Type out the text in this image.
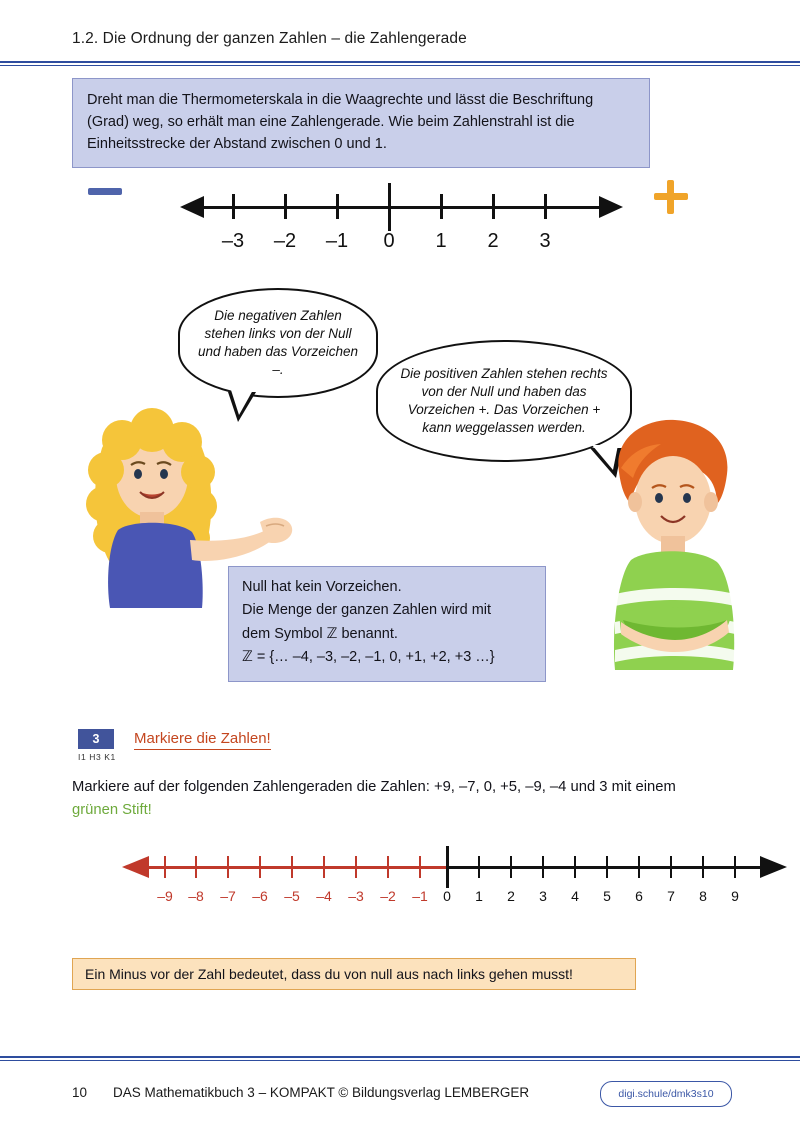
1.2. Die Ordnung der ganzen Zahlen – die Zahlengerade
Dreht man die Thermometerskala in die Waagrechte und lässt die Beschriftung (Grad) weg, so erhält man eine Zahlengerade. Wie beim Zahlenstrahl ist die Einheitsstrecke der Abstand zwischen 0 und 1.
–3	–2	–1	0	1	2	3
Die negativen Zahlen stehen links von der Null und haben das Vorzeichen –.	Die positiven Zahlen stehen rechts von der Null und haben das Vorzeichen +. Das Vorzeichen + kann weggelassen werden.
Null hat kein Vorzeichen.
Die Menge der ganzen Zahlen wird mit
dem Symbol ℤ benannt.
ℤ = {… –4, –3, –2, –1, 0, +1, +2, +3 …}
3
I1 H3 K1
Markiere die Zahlen!
Markiere auf der folgenden Zahlengeraden die Zahlen: +9, –7, 0, +5, –9, –4 und 3 mit einem grünen Stift!
–9	–8	–7	–6	–5	–4	–3	–2	–1	0	1	2	3	4	5	6	7	8	9
Ein Minus vor der Zahl bedeutet, dass du von null aus nach links gehen musst!
10 DAS Mathematikbuch 3 – KOMPAKT © Bildungsverlag LEMBERGER	digi.schule/dmk3s10
